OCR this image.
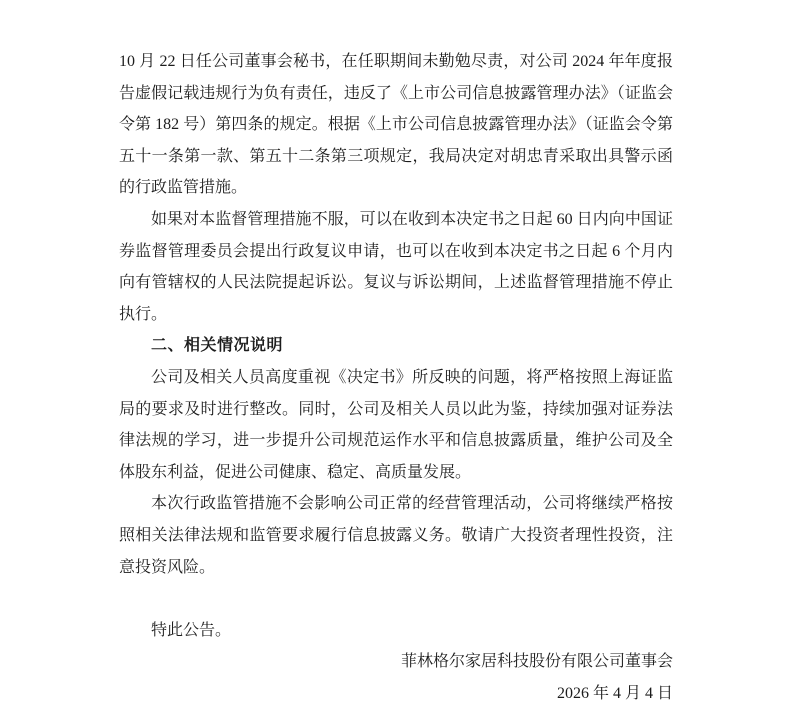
10 月 22 日任公司董事会秘书，在任职期间未勤勉尽责，对公司 2024 年年度报告虚假记载违规行为负有责任，违反了《上市公司信息披露管理办法》（证监会令第 182 号）第四条的规定。根据《上市公司信息披露管理办法》（证监会令第五十一条第一款、第五十二条第三项规定，我局决定对胡忠青采取出具警示函的行政监管措施。

如果对本监督管理措施不服，可以在收到本决定书之日起 60 日内向中国证券监督管理委员会提出行政复议申请，也可以在收到本决定书之日起 6 个月内向有管辖权的人民法院提起诉讼。复议与诉讼期间，上述监督管理措施不停止执行。

二、相关情况说明

公司及相关人员高度重视《决定书》所反映的问题，将严格按照上海证监局的要求及时进行整改。同时，公司及相关人员以此为鉴，持续加强对证券法律法规的学习，进一步提升公司规范运作水平和信息披露质量，维护公司及全体股东利益，促进公司健康、稳定、高质量发展。

本次行政监管措施不会影响公司正常的经营管理活动，公司将继续严格按照相关法律法规和监管要求履行信息披露义务。敬请广大投资者理性投资，注意投资风险。

特此公告。

菲林格尔家居科技股份有限公司董事会

2026 年 4 月 4 日
